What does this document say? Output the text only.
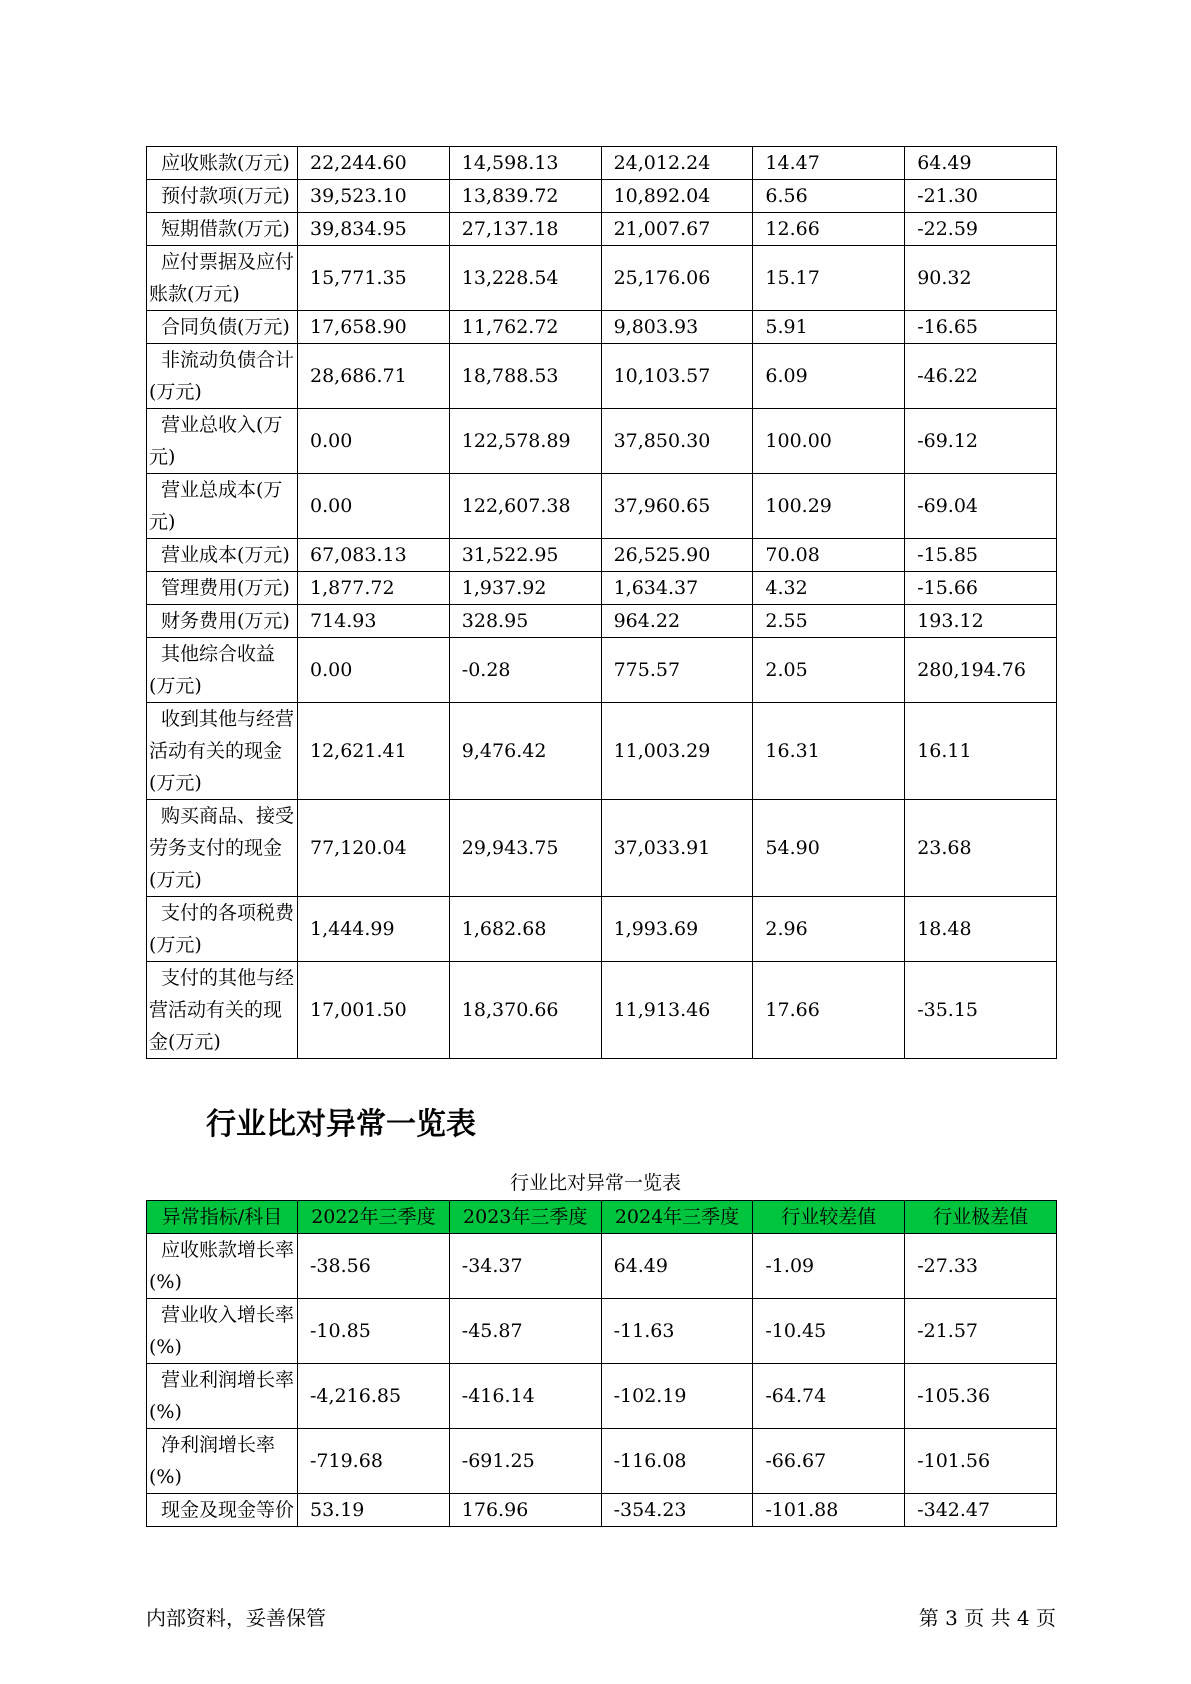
应收账款(万元)	22,244.60	14,598.13	24,012.24	14.47	64.49
预付款项(万元)	39,523.10	13,839.72	10,892.04	6.56	-21.30
短期借款(万元)	39,834.95	27,137.18	21,007.67	12.66	-22.59
应付票据及应付账款(万元)	15,771.35	13,228.54	25,176.06	15.17	90.32
合同负债(万元)	17,658.90	11,762.72	9,803.93	5.91	-16.65
非流动负债合计(万元)	28,686.71	18,788.53	10,103.57	6.09	-46.22
营业总收入(万元)	0.00	122,578.89	37,850.30	100.00	-69.12
营业总成本(万元)	0.00	122,607.38	37,960.65	100.29	-69.04
营业成本(万元)	67,083.13	31,522.95	26,525.90	70.08	-15.85
管理费用(万元)	1,877.72	1,937.92	1,634.37	4.32	-15.66
财务费用(万元)	714.93	328.95	964.22	2.55	193.12
其他综合收益(万元)	0.00	-0.28	775.57	2.05	280,194.76
收到其他与经营活动有关的现金(万元)	12,621.41	9,476.42	11,003.29	16.31	16.11
购买商品、接受劳务支付的现金(万元)	77,120.04	29,943.75	37,033.91	54.90	23.68
支付的各项税费(万元)	1,444.99	1,682.68	1,993.69	2.96	18.48
支付的其他与经营活动有关的现金(万元)	17,001.50	18,370.66	11,913.46	17.66	-35.15
行业比对异常一览表
行业比对异常一览表
异常指标/科目	2022年三季度	2023年三季度	2024年三季度	行业较差值	行业极差值
应收账款增长率(%)	-38.56	-34.37	64.49	-1.09	-27.33
营业收入增长率(%)	-10.85	-45.87	-11.63	-10.45	-21.57
营业利润增长率(%)	-4,216.85	-416.14	-102.19	-64.74	-105.36
净利润增长率(%)	-719.68	-691.25	-116.08	-66.67	-101.56
现金及现金等价	53.19	176.96	-354.23	-101.88	-342.47
内部资料，妥善保管	第 3 页 共 4 页
